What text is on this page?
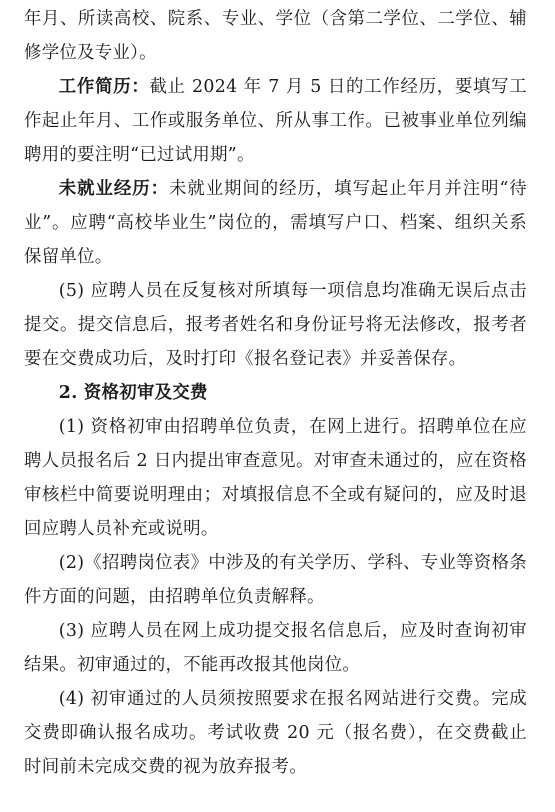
年月、所读高校、院系、专业、学位（含第二学位、二学位、辅修学位及专业）。

工作简历：截止 2024 年 7 月 5 日的工作经历，要填写工作起止年月、工作或服务单位、所从事工作。已被事业单位列编聘用的要注明“已过试用期”。

未就业经历：未就业期间的经历，填写起止年月并注明“待业”。应聘“高校毕业生”岗位的，需填写户口、档案、组织关系保留单位。

(5) 应聘人员在反复核对所填每一项信息均准确无误后点击提交。提交信息后，报考者姓名和身份证号将无法修改，报考者要在交费成功后，及时打印《报名登记表》并妥善保存。

2. 资格初审及交费

(1) 资格初审由招聘单位负责，在网上进行。招聘单位在应聘人员报名后 2 日内提出审查意见。对审查未通过的，应在资格审核栏中简要说明理由；对填报信息不全或有疑问的，应及时退回应聘人员补充或说明。

(2)《招聘岗位表》中涉及的有关学历、学科、专业等资格条件方面的问题，由招聘单位负责解释。

(3) 应聘人员在网上成功提交报名信息后，应及时查询初审结果。初审通过的，不能再改报其他岗位。

(4) 初审通过的人员须按照要求在报名网站进行交费。完成交费即确认报名成功。考试收费 20 元（报名费），在交费截止时间前未完成交费的视为放弃报考。
